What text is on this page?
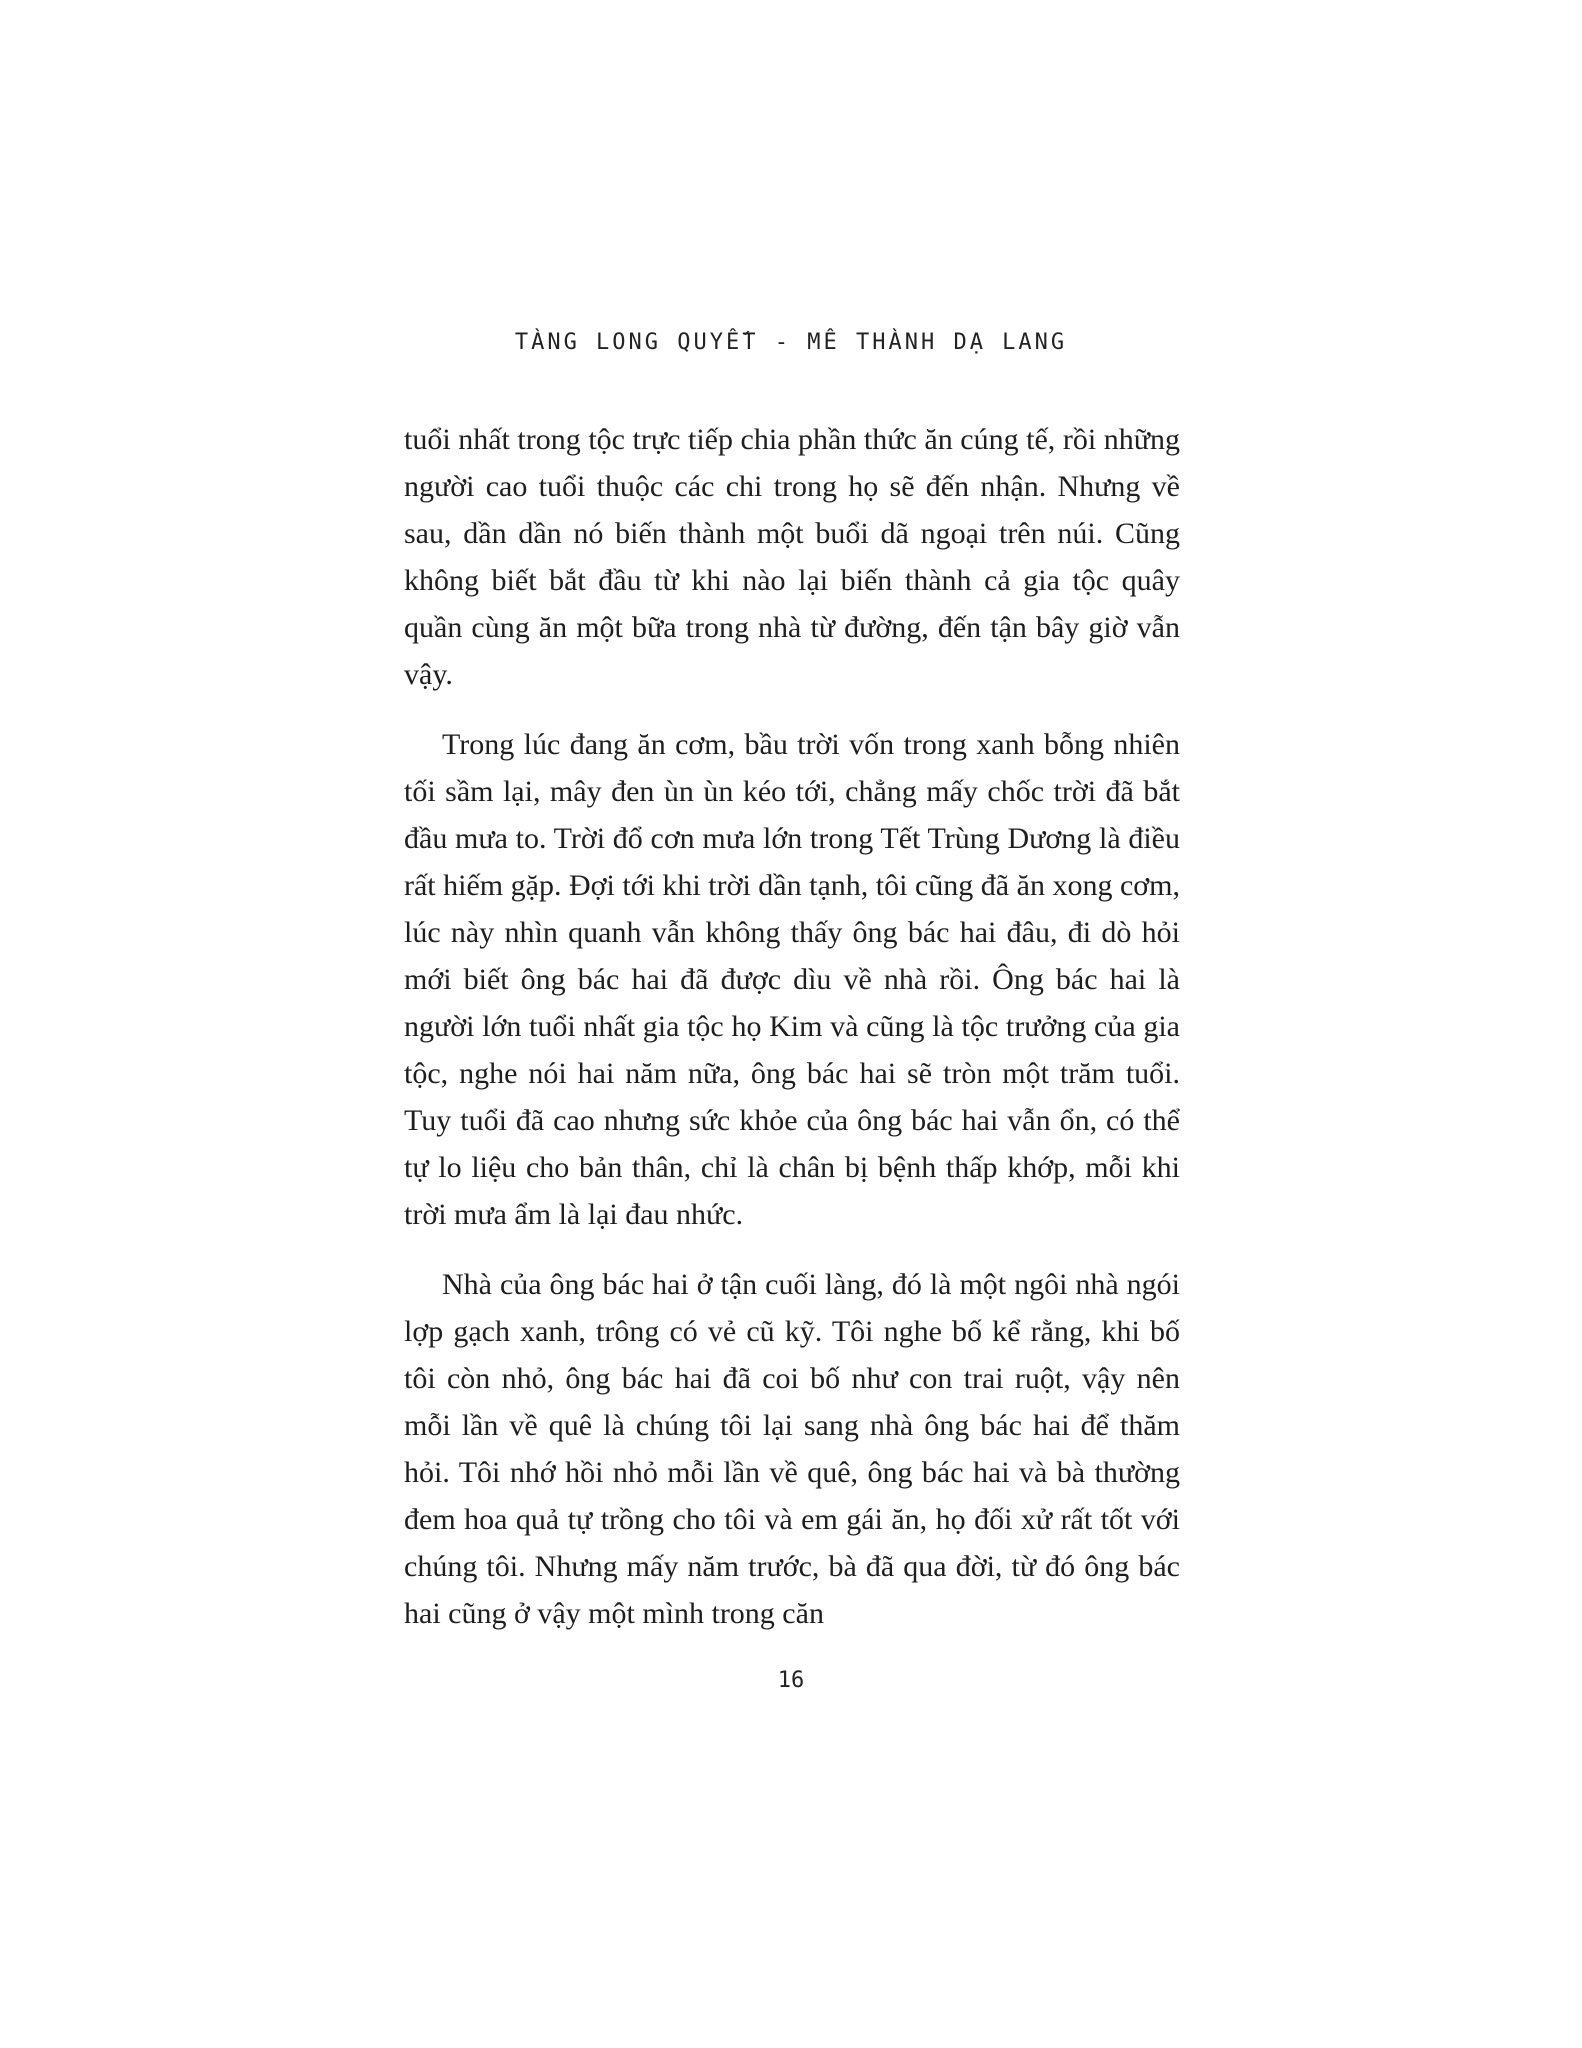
TÀNG LONG QUYẾT - MÊ THÀNH DẠ LANG

tuổi nhất trong tộc trực tiếp chia phần thức ăn cúng tế, rồi những người cao tuổi thuộc các chi trong họ sẽ đến nhận. Nhưng về sau, dần dần nó biến thành một buổi dã ngoại trên núi. Cũng không biết bắt đầu từ khi nào lại biến thành cả gia tộc quây quần cùng ăn một bữa trong nhà từ đường, đến tận bây giờ vẫn vậy.

Trong lúc đang ăn cơm, bầu trời vốn trong xanh bỗng nhiên tối sầm lại, mây đen ùn ùn kéo tới, chẳng mấy chốc trời đã bắt đầu mưa to. Trời đổ cơn mưa lớn trong Tết Trùng Dương là điều rất hiếm gặp. Đợi tới khi trời dần tạnh, tôi cũng đã ăn xong cơm, lúc này nhìn quanh vẫn không thấy ông bác hai đâu, đi dò hỏi mới biết ông bác hai đã được dìu về nhà rồi. Ông bác hai là người lớn tuổi nhất gia tộc họ Kim và cũng là tộc trưởng của gia tộc, nghe nói hai năm nữa, ông bác hai sẽ tròn một trăm tuổi. Tuy tuổi đã cao nhưng sức khỏe của ông bác hai vẫn ổn, có thể tự lo liệu cho bản thân, chỉ là chân bị bệnh thấp khớp, mỗi khi trời mưa ẩm là lại đau nhức.

Nhà của ông bác hai ở tận cuối làng, đó là một ngôi nhà ngói lợp gạch xanh, trông có vẻ cũ kỹ. Tôi nghe bố kể rằng, khi bố tôi còn nhỏ, ông bác hai đã coi bố như con trai ruột, vậy nên mỗi lần về quê là chúng tôi lại sang nhà ông bác hai để thăm hỏi. Tôi nhớ hồi nhỏ mỗi lần về quê, ông bác hai và bà thường đem hoa quả tự trồng cho tôi và em gái ăn, họ đối xử rất tốt với chúng tôi. Nhưng mấy năm trước, bà đã qua đời, từ đó ông bác hai cũng ở vậy một mình trong căn

16
